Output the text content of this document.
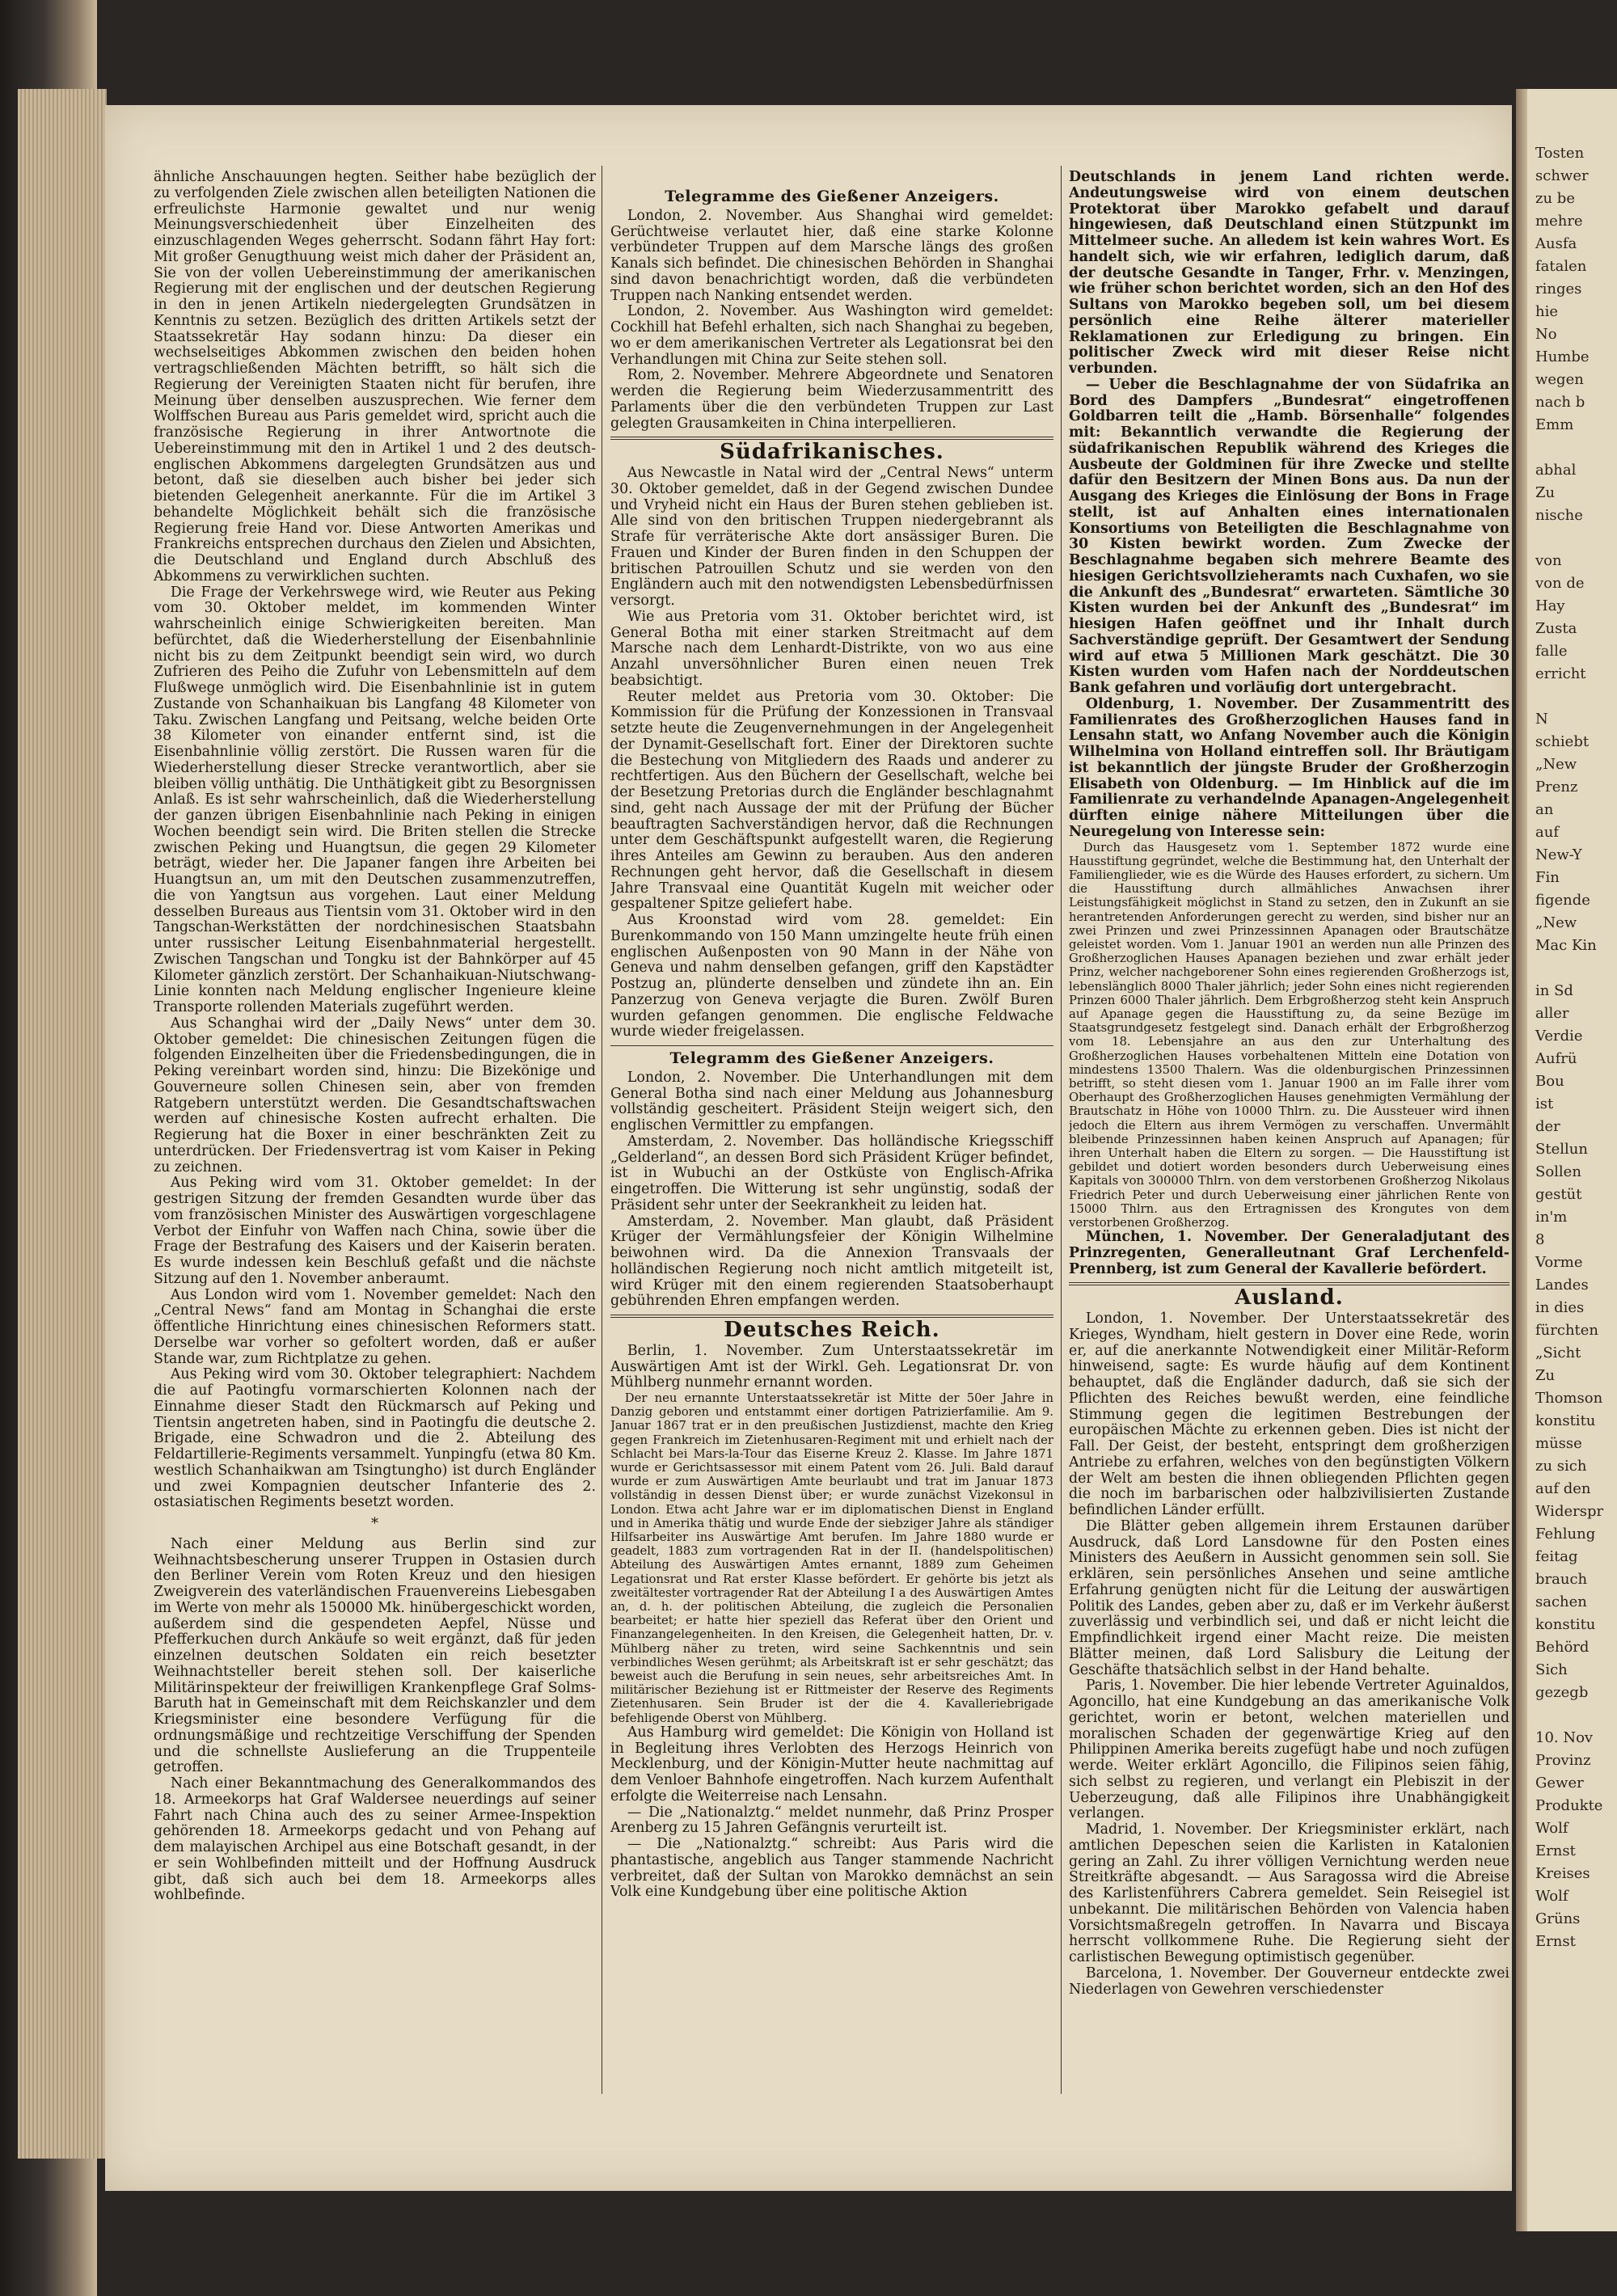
ähnliche Anschauungen hegten. Seither habe bezüglich der zu verfolgenden Ziele zwischen allen beteiligten Nationen die erfreulichste Harmonie gewaltet und nur wenig Meinungsverschiedenheit über Einzelheiten des einzuschlagenden Weges geherrscht. Sodann fährt Hay fort: Mit großer Genugthuung weist mich daher der Präsident an, Sie von der vollen Uebereinstimmung der amerikanischen Regierung mit der englischen und der deutschen Regierung in den in jenen Artikeln niedergelegten Grundsätzen in Kenntnis zu setzen. Bezüglich des dritten Artikels setzt der Staatssekretär Hay sodann hinzu: Da dieser ein wechselseitiges Abkommen zwischen den beiden hohen vertragschließenden Mächten betrifft, so hält sich die Regierung der Vereinigten Staaten nicht für berufen, ihre Meinung über denselben auszusprechen. Wie ferner dem Wolffschen Bureau aus Paris gemeldet wird, spricht auch die französische Regierung in ihrer Antwortnote die Uebereinstimmung mit den in Artikel 1 und 2 des deutsch-englischen Abkommens dargelegten Grundsätzen aus und betont, daß sie dieselben auch bisher bei jeder sich bietenden Gelegenheit anerkannte. Für die im Artikel 3 behandelte Möglichkeit behält sich die französische Regierung freie Hand vor. Diese Antworten Amerikas und Frankreichs entsprechen durchaus den Zielen und Absichten, die Deutschland und England durch Abschluß des Abkommens zu verwirklichen suchten.

Die Frage der Verkehrswege wird, wie Reuter aus Peking vom 30. Oktober meldet, im kommenden Winter wahrscheinlich einige Schwierigkeiten bereiten. Man befürchtet, daß die Wiederherstellung der Eisenbahnlinie nicht bis zu dem Zeitpunkt beendigt sein wird, wo durch Zufrieren des Peiho die Zufuhr von Lebensmitteln auf dem Flußwege unmöglich wird. Die Eisenbahnlinie ist in gutem Zustande von Schanhaikuan bis Langfang 48 Kilometer von Taku. Zwischen Langfang und Peitsang, welche beiden Orte 38 Kilometer von einander entfernt sind, ist die Eisenbahnlinie völlig zerstört. Die Russen waren für die Wiederherstellung dieser Strecke verantwortlich, aber sie bleiben völlig unthätig. Die Unthätigkeit gibt zu Besorgnissen Anlaß. Es ist sehr wahrscheinlich, daß die Wiederherstellung der ganzen übrigen Eisenbahnlinie nach Peking in einigen Wochen beendigt sein wird. Die Briten stellen die Strecke zwischen Peking und Huangtsun, die gegen 29 Kilometer beträgt, wieder her. Die Japaner fangen ihre Arbeiten bei Huangtsun an, um mit den Deutschen zusammenzutreffen, die von Yangtsun aus vorgehen. Laut einer Meldung desselben Bureaus aus Tientsin vom 31. Oktober wird in den Tangschan-Werkstätten der nordchinesischen Staatsbahn unter russischer Leitung Eisenbahnmaterial hergestellt. Zwischen Tangschan und Tongku ist der Bahnkörper auf 45 Kilometer gänzlich zerstört. Der Schanhaikuan-Niutschwang-Linie konnten nach Meldung englischer Ingenieure kleine Transporte rollenden Materials zugeführt werden.

Aus Schanghai wird der „Daily News“ unter dem 30. Oktober gemeldet: Die chinesischen Zeitungen fügen die folgenden Einzelheiten über die Friedensbedingungen, die in Peking vereinbart worden sind, hinzu: Die Bizekönige und Gouverneure sollen Chinesen sein, aber von fremden Ratgebern unterstützt werden. Die Gesandtschaftswachen werden auf chinesische Kosten aufrecht erhalten. Die Regierung hat die Boxer in einer beschränkten Zeit zu unterdrücken. Der Friedensvertrag ist vom Kaiser in Peking zu zeichnen.

Aus Peking wird vom 31. Oktober gemeldet: In der gestrigen Sitzung der fremden Gesandten wurde über das vom französischen Minister des Auswärtigen vorgeschlagene Verbot der Einfuhr von Waffen nach China, sowie über die Frage der Bestrafung des Kaisers und der Kaiserin beraten. Es wurde indessen kein Beschluß gefaßt und die nächste Sitzung auf den 1. November anberaumt.

Aus London wird vom 1. November gemeldet: Nach den „Central News“ fand am Montag in Schanghai die erste öffentliche Hinrichtung eines chinesischen Reformers statt. Derselbe war vorher so gefoltert worden, daß er außer Stande war, zum Richtplatze zu gehen.

Aus Peking wird vom 30. Oktober telegraphiert: Nachdem die auf Paotingfu vormarschierten Kolonnen nach der Einnahme dieser Stadt den Rückmarsch auf Peking und Tientsin angetreten haben, sind in Paotingfu die deutsche 2. Brigade, eine Schwadron und die 2. Abteilung des Feldartillerie-Regiments versammelt. Yunpingfu (etwa 80 Km. westlich Schanhaikwan am Tsingtungho) ist durch Engländer und zwei Kompagnien deutscher Infanterie des 2. ostasiatischen Regiments besetzt worden.

*

Nach einer Meldung aus Berlin sind zur Weihnachtsbescherung unserer Truppen in Ostasien durch den Berliner Verein vom Roten Kreuz und den hiesigen Zweigverein des vaterländischen Frauenvereins Liebesgaben im Werte von mehr als 150000 Mk. hinübergeschickt worden, außerdem sind die gespendeten Aepfel, Nüsse und Pfefferkuchen durch Ankäufe so weit ergänzt, daß für jeden einzelnen deutschen Soldaten ein reich besetzter Weihnachtsteller bereit stehen soll. Der kaiserliche Militärinspekteur der freiwilligen Krankenpflege Graf Solms-Baruth hat in Gemeinschaft mit dem Reichskanzler und dem Kriegsminister eine besondere Verfügung für die ordnungsmäßige und rechtzeitige Verschiffung der Spenden und die schnellste Auslieferung an die Truppenteile getroffen.

Nach einer Bekanntmachung des Generalkommandos des 18. Armeekorps hat Graf Waldersee neuerdings auf seiner Fahrt nach China auch des zu seiner Armee-Inspektion gehörenden 18. Armeekorps gedacht und von Pehang auf dem malayischen Archipel aus eine Botschaft gesandt, in der er sein Wohlbefinden mitteilt und der Hoffnung Ausdruck gibt, daß sich auch bei dem 18. Armeekorps alles wohlbefinde.

Telegramme des Gießener Anzeigers.

London, 2. November. Aus Shanghai wird gemeldet: Gerüchtweise verlautet hier, daß eine starke Kolonne verbündeter Truppen auf dem Marsche längs des großen Kanals sich befindet. Die chinesischen Behörden in Shanghai sind davon benachrichtigt worden, daß die verbündeten Truppen nach Nanking entsendet werden.

London, 2. November. Aus Washington wird gemeldet: Cockhill hat Befehl erhalten, sich nach Shanghai zu begeben, wo er dem amerikanischen Vertreter als Legationsrat bei den Verhandlungen mit China zur Seite stehen soll.

Rom, 2. November. Mehrere Abgeordnete und Senatoren werden die Regierung beim Wiederzusammentritt des Parlaments über die den verbündeten Truppen zur Last gelegten Grausamkeiten in China interpellieren.

Südafrikanisches.

Aus Newcastle in Natal wird der „Central News“ unterm 30. Oktober gemeldet, daß in der Gegend zwischen Dundee und Vryheid nicht ein Haus der Buren stehen geblieben ist. Alle sind von den britischen Truppen niedergebrannt als Strafe für verräterische Akte dort ansässiger Buren. Die Frauen und Kinder der Buren finden in den Schuppen der britischen Patrouillen Schutz und sie werden von den Engländern auch mit den notwendigsten Lebensbedürfnissen versorgt.

Wie aus Pretoria vom 31. Oktober berichtet wird, ist General Botha mit einer starken Streitmacht auf dem Marsche nach dem Lenhardt-Distrikte, von wo aus eine Anzahl unversöhnlicher Buren einen neuen Trek beabsichtigt.

Reuter meldet aus Pretoria vom 30. Oktober: Die Kommission für die Prüfung der Konzessionen in Transvaal setzte heute die Zeugenvernehmungen in der Angelegenheit der Dynamit-Gesellschaft fort. Einer der Direktoren suchte die Bestechung von Mitgliedern des Raads und anderer zu rechtfertigen. Aus den Büchern der Gesellschaft, welche bei der Besetzung Pretorias durch die Engländer beschlagnahmt sind, geht nach Aussage der mit der Prüfung der Bücher beauftragten Sachverständigen hervor, daß die Rechnungen unter dem Geschäftspunkt aufgestellt waren, die Regierung ihres Anteiles am Gewinn zu berauben. Aus den anderen Rechnungen geht hervor, daß die Gesellschaft in diesem Jahre Transvaal eine Quantität Kugeln mit weicher oder gespaltener Spitze geliefert habe.

Aus Kroonstad wird vom 28. gemeldet: Ein Burenkommando von 150 Mann umzingelte heute früh einen englischen Außenposten von 90 Mann in der Nähe von Geneva und nahm denselben gefangen, griff den Kapstädter Postzug an, plünderte denselben und zündete ihn an. Ein Panzerzug von Geneva verjagte die Buren. Zwölf Buren wurden gefangen genommen. Die englische Feldwache wurde wieder freigelassen.

Telegramm des Gießener Anzeigers.

London, 2. November. Die Unterhandlungen mit dem General Botha sind nach einer Meldung aus Johannesburg vollständig gescheitert. Präsident Steijn weigert sich, den englischen Vermittler zu empfangen.

Amsterdam, 2. November. Das holländische Kriegsschiff „Gelderland“, an dessen Bord sich Präsident Krüger befindet, ist in Wubuchi an der Ostküste von Englisch-Afrika eingetroffen. Die Witterung ist sehr ungünstig, sodaß der Präsident sehr unter der Seekrankheit zu leiden hat.

Amsterdam, 2. November. Man glaubt, daß Präsident Krüger der Vermählungsfeier der Königin Wilhelmine beiwohnen wird. Da die Annexion Transvaals der holländischen Regierung noch nicht amtlich mitgeteilt ist, wird Krüger mit den einem regierenden Staatsoberhaupt gebührenden Ehren empfangen werden.

Deutsches Reich.

Berlin, 1. November. Zum Unterstaatssekretär im Auswärtigen Amt ist der Wirkl. Geh. Legationsrat Dr. von Mühlberg nunmehr ernannt worden.

Der neu ernannte Unterstaatssekretär ist Mitte der 50er Jahre in Danzig geboren und entstammt einer dortigen Patrizierfamilie. Am 9. Januar 1867 trat er in den preußischen Justizdienst, machte den Krieg gegen Frankreich im Zietenhusaren-Regiment mit und erhielt nach der Schlacht bei Mars-la-Tour das Eiserne Kreuz 2. Klasse. Im Jahre 1871 wurde er Gerichtsassessor mit einem Patent vom 26. Juli. Bald darauf wurde er zum Auswärtigen Amte beurlaubt und trat im Januar 1873 vollständig in dessen Dienst über; er wurde zunächst Vizekonsul in London. Etwa acht Jahre war er im diplomatischen Dienst in England und in Amerika thätig und wurde Ende der siebziger Jahre als ständiger Hilfsarbeiter ins Auswärtige Amt berufen. Im Jahre 1880 wurde er geadelt, 1883 zum vortragenden Rat in der II. (handelspolitischen) Abteilung des Auswärtigen Amtes ernannt, 1889 zum Geheimen Legationsrat und Rat erster Klasse befördert. Er gehörte bis jetzt als zweitältester vortragender Rat der Abteilung I a des Auswärtigen Amtes an, d. h. der politischen Abteilung, die zugleich die Personalien bearbeitet; er hatte hier speziell das Referat über den Orient und Finanzangelegenheiten. In den Kreisen, die Gelegenheit hatten, Dr. v. Mühlberg näher zu treten, wird seine Sachkenntnis und sein verbindliches Wesen gerühmt; als Arbeitskraft ist er sehr geschätzt; das beweist auch die Berufung in sein neues, sehr arbeitsreiches Amt. In militärischer Beziehung ist er Rittmeister der Reserve des Regiments Zietenhusaren. Sein Bruder ist der die 4. Kavalleriebrigade befehligende Oberst von Mühlberg.

Aus Hamburg wird gemeldet: Die Königin von Holland ist in Begleitung ihres Verlobten des Herzogs Heinrich von Mecklenburg, und der Königin-Mutter heute nachmittag auf dem Venloer Bahnhofe eingetroffen. Nach kurzem Aufenthalt erfolgte die Weiterreise nach Lensahn.

— Die „Nationalztg.“ meldet nunmehr, daß Prinz Prosper Arenberg zu 15 Jahren Gefängnis verurteilt ist.

— Die „Nationalztg.“ schreibt: Aus Paris wird die phantastische, angeblich aus Tanger stammende Nachricht verbreitet, daß der Sultan von Marokko demnächst an sein Volk eine Kundgebung über eine politische Aktion

Deutschlands in jenem Land richten werde. Andeutungsweise wird von einem deutschen Protektorat über Marokko gefabelt und darauf hingewiesen, daß Deutschland einen Stützpunkt im Mittelmeer suche. An alledem ist kein wahres Wort. Es handelt sich, wie wir erfahren, lediglich darum, daß der deutsche Gesandte in Tanger, Frhr. v. Menzingen, wie früher schon berichtet worden, sich an den Hof des Sultans von Marokko begeben soll, um bei diesem persönlich eine Reihe älterer materieller Reklamationen zur Erledigung zu bringen. Ein politischer Zweck wird mit dieser Reise nicht verbunden.

— Ueber die Beschlagnahme der von Südafrika an Bord des Dampfers „Bundesrat“ eingetroffenen Goldbarren teilt die „Hamb. Börsenhalle“ folgendes mit: Bekanntlich verwandte die Regierung der südafrikanischen Republik während des Krieges die Ausbeute der Goldminen für ihre Zwecke und stellte dafür den Besitzern der Minen Bons aus. Da nun der Ausgang des Krieges die Einlösung der Bons in Frage stellt, ist auf Anhalten eines internationalen Konsortiums von Beteiligten die Beschlagnahme von 30 Kisten bewirkt worden. Zum Zwecke der Beschlagnahme begaben sich mehrere Beamte des hiesigen Gerichtsvollzieheramts nach Cuxhafen, wo sie die Ankunft des „Bundesrat“ erwarteten. Sämtliche 30 Kisten wurden bei der Ankunft des „Bundesrat“ im hiesigen Hafen geöffnet und ihr Inhalt durch Sachverständige geprüft. Der Gesamtwert der Sendung wird auf etwa 5 Millionen Mark geschätzt. Die 30 Kisten wurden vom Hafen nach der Norddeutschen Bank gefahren und vorläufig dort untergebracht.

Oldenburg, 1. November. Der Zusammentritt des Familienrates des Großherzoglichen Hauses fand in Lensahn statt, wo Anfang November auch die Königin Wilhelmina von Holland eintreffen soll. Ihr Bräutigam ist bekanntlich der jüngste Bruder der Großherzogin Elisabeth von Oldenburg. — Im Hinblick auf die im Familienrate zu verhandelnde Apanagen-Angelegenheit dürften einige nähere Mitteilungen über die Neuregelung von Interesse sein:

Durch das Hausgesetz vom 1. September 1872 wurde eine Hausstiftung gegründet, welche die Bestimmung hat, den Unterhalt der Familienglieder, wie es die Würde des Hauses erfordert, zu sichern. Um die Hausstiftung durch allmähliches Anwachsen ihrer Leistungsfähigkeit möglichst in Stand zu setzen, den in Zukunft an sie herantretenden Anforderungen gerecht zu werden, sind bisher nur an zwei Prinzen und zwei Prinzessinnen Apanagen oder Brautschätze geleistet worden. Vom 1. Januar 1901 an werden nun alle Prinzen des Großherzoglichen Hauses Apanagen beziehen und zwar erhält jeder Prinz, welcher nachgeborener Sohn eines regierenden Großherzogs ist, lebenslänglich 8000 Thaler jährlich; jeder Sohn eines nicht regierenden Prinzen 6000 Thaler jährlich. Dem Erbgroßherzog steht kein Anspruch auf Apanage gegen die Hausstiftung zu, da seine Bezüge im Staatsgrundgesetz festgelegt sind. Danach erhält der Erbgroßherzog vom 18. Lebensjahre an aus den zur Unterhaltung des Großherzoglichen Hauses vorbehaltenen Mitteln eine Dotation von mindestens 13500 Thalern. Was die oldenburgischen Prinzessinnen betrifft, so steht diesen vom 1. Januar 1900 an im Falle ihrer vom Oberhaupt des Großherzoglichen Hauses genehmigten Vermählung der Brautschatz in Höhe von 10000 Thlrn. zu. Die Aussteuer wird ihnen jedoch die Eltern aus ihrem Vermögen zu verschaffen. Unvermählt bleibende Prinzessinnen haben keinen Anspruch auf Apanagen; für ihren Unterhalt haben die Eltern zu sorgen. — Die Hausstiftung ist gebildet und dotiert worden besonders durch Ueberweisung eines Kapitals von 300000 Thlrn. von dem verstorbenen Großherzog Nikolaus Friedrich Peter und durch Ueberweisung einer jährlichen Rente von 15000 Thlrn. aus den Ertragnissen des Krongutes von dem verstorbenen Großherzog.

München, 1. November. Der Generaladjutant des Prinzregenten, Generalleutnant Graf Lerchenfeld-Prennberg, ist zum General der Kavallerie befördert.

Ausland.

London, 1. November. Der Unterstaatssekretär des Krieges, Wyndham, hielt gestern in Dover eine Rede, worin er, auf die anerkannte Notwendigkeit einer Militär-Reform hinweisend, sagte: Es wurde häufig auf dem Kontinent behauptet, daß die Engländer dadurch, daß sie sich der Pflichten des Reiches bewußt werden, eine feindliche Stimmung gegen die legitimen Bestrebungen der europäischen Mächte zu erkennen geben. Dies ist nicht der Fall. Der Geist, der besteht, entspringt dem großherzigen Antriebe zu erfahren, welches von den begünstigten Völkern der Welt am besten die ihnen obliegenden Pflichten gegen die noch im barbarischen oder halbzivilisierten Zustande befindlichen Länder erfüllt.

Die Blätter geben allgemein ihrem Erstaunen darüber Ausdruck, daß Lord Lansdowne für den Posten eines Ministers des Aeußern in Aussicht genommen sein soll. Sie erklären, sein persönliches Ansehen und seine amtliche Erfahrung genügten nicht für die Leitung der auswärtigen Politik des Landes, geben aber zu, daß er im Verkehr äußerst zuverlässig und verbindlich sei, und daß er nicht leicht die Empfindlichkeit irgend einer Macht reize. Die meisten Blätter meinen, daß Lord Salisbury die Leitung der Geschäfte thatsächlich selbst in der Hand behalte.

Paris, 1. November. Die hier lebende Vertreter Aguinaldos, Agoncillo, hat eine Kundgebung an das amerikanische Volk gerichtet, worin er betont, welchen materiellen und moralischen Schaden der gegenwärtige Krieg auf den Philippinen Amerika bereits zugefügt habe und noch zufügen werde. Weiter erklärt Agoncillo, die Filipinos seien fähig, sich selbst zu regieren, und verlangt ein Plebiszit in der Ueberzeugung, daß alle Filipinos ihre Unabhängigkeit verlangen.

Madrid, 1. November. Der Kriegsminister erklärt, nach amtlichen Depeschen seien die Karlisten in Katalonien gering an Zahl. Zu ihrer völligen Vernichtung werden neue Streitkräfte abgesandt. — Aus Saragossa wird die Abreise des Karlistenführers Cabrera gemeldet. Sein Reisegiel ist unbekannt. Die militärischen Behörden von Valencia haben Vorsichtsmaßregeln getroffen. In Navarra und Biscaya herrscht vollkommene Ruhe. Die Regierung sieht der carlistischen Bewegung optimistisch gegenüber.

Barcelona, 1. November. Der Gouverneur entdeckte zwei Niederlagen von Gewehren verschiedenster

Tosten

schwer

zu be

mehre

Ausfa

fatalen

ringes

hie

No

Humbe

wegen

nach b

Emm

abhal

Zu

nische

von

von de

Hay

Zusta

falle

erricht

N

schiebt

„New

Prenz

an

auf

New-Y

Fin

figende

„New

Mac Kin

in Sd

aller

Verdie

Aufrü

Bou

ist

der

Stellun

Sollen

gestüt

in'm

8

Vorme

Landes

in dies

fürchten

„Sicht

Zu

Thomson

konstitu

müsse

zu sich

auf den

Widerspr

Fehlung

feitag

brauch

sachen

konstitu

Behörd

Sich

gezegb

10. Nov

Provinz

Gewer

Produkte

Wolf

Ernst

Kreises

Wolf

Grüns

Ernst
